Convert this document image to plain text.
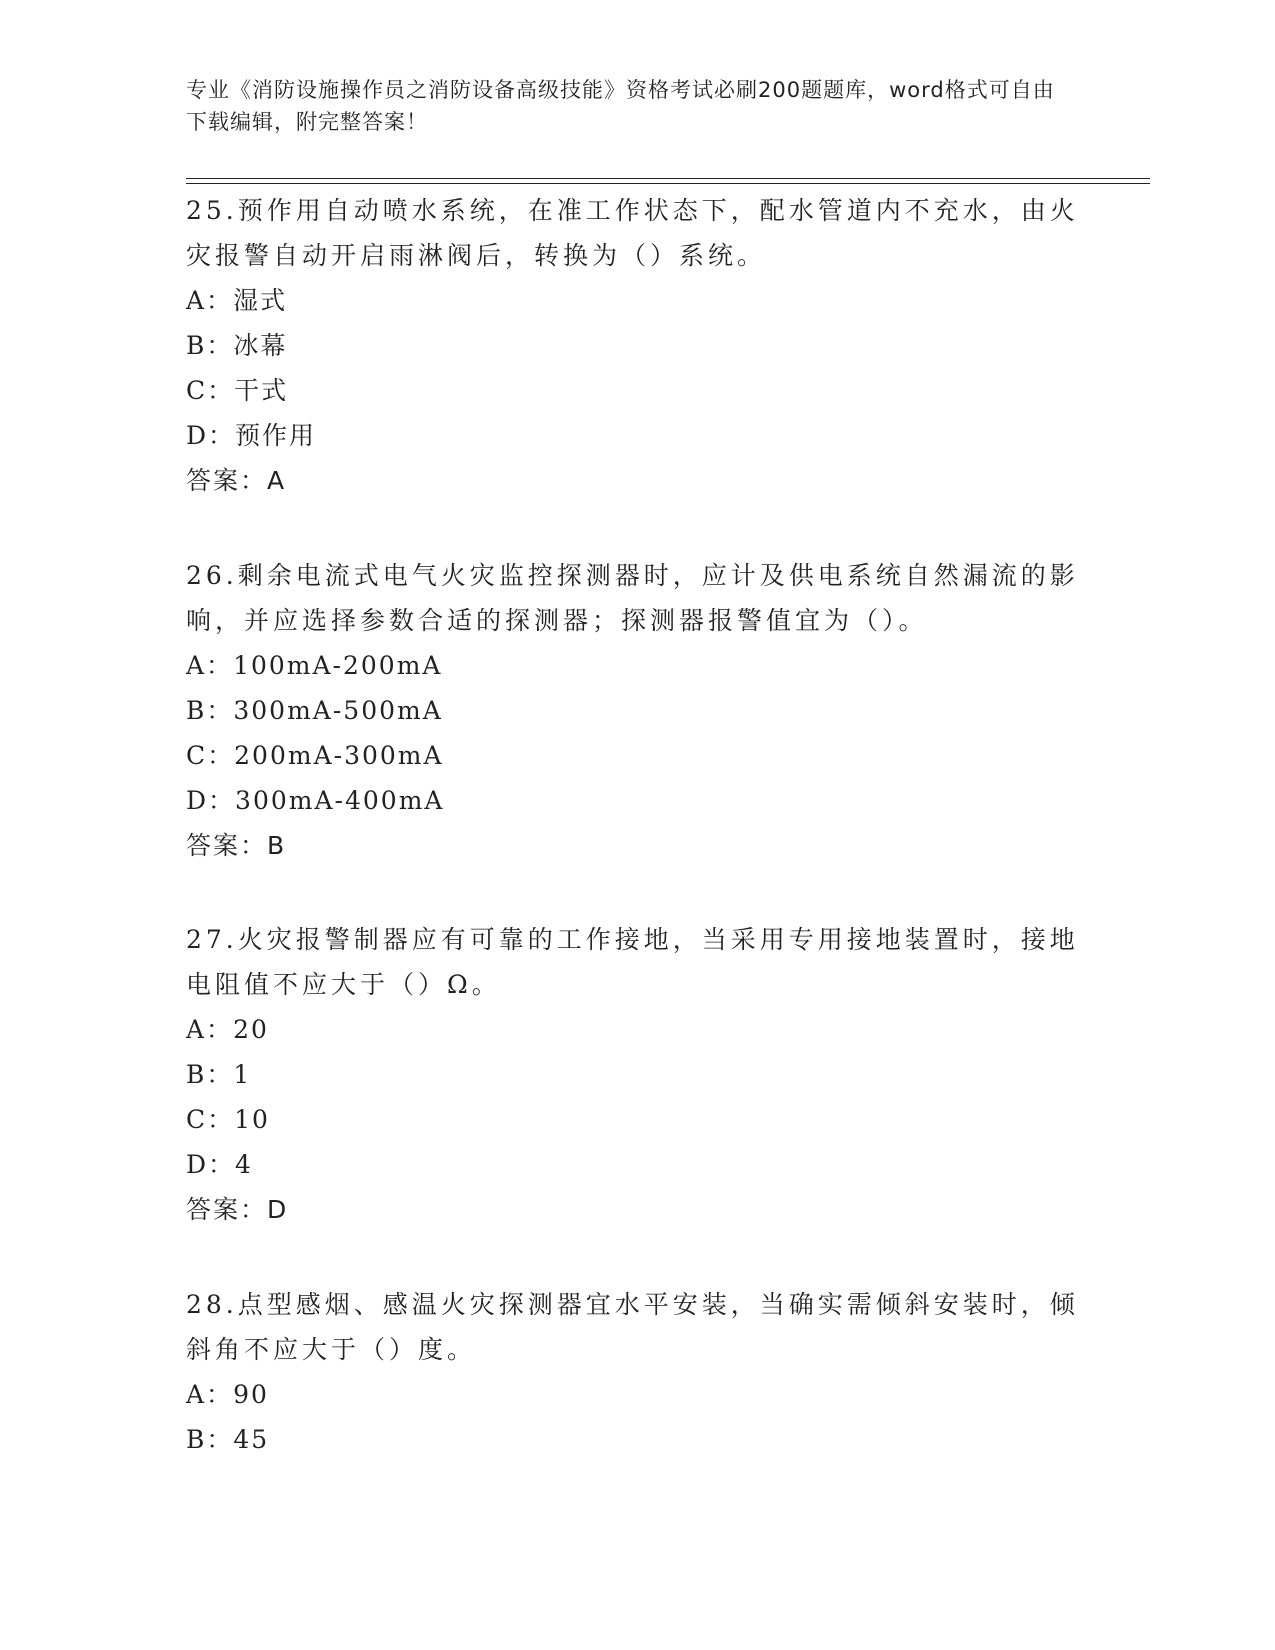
专业《消防设施操作员之消防设备高级技能》资格考试必刷200题题库，word格式可自由下载编辑，附完整答案！

25.预作用自动喷水系统，在准工作状态下，配水管道内不充水，由火灾报警自动开启雨淋阀后，转换为（）系统。

A：湿式

B：冰幕

C：干式

D：预作用

答案：A

26.剩余电流式电气火灾监控探测器时，应计及供电系统自然漏流的影响，并应选择参数合适的探测器；探测器报警值宜为（）。

A：100mA-200mA

B：300mA-500mA

C：200mA-300mA

D：300mA-400mA

答案：B

27.火灾报警制器应有可靠的工作接地，当采用专用接地装置时，接地电阻值不应大于（）Ω。

A：20

B：1

C：10

D：4

答案：D

28.点型感烟、感温火灾探测器宜水平安装，当确实需倾斜安装时，倾斜角不应大于（）度。

A：90

B：45
